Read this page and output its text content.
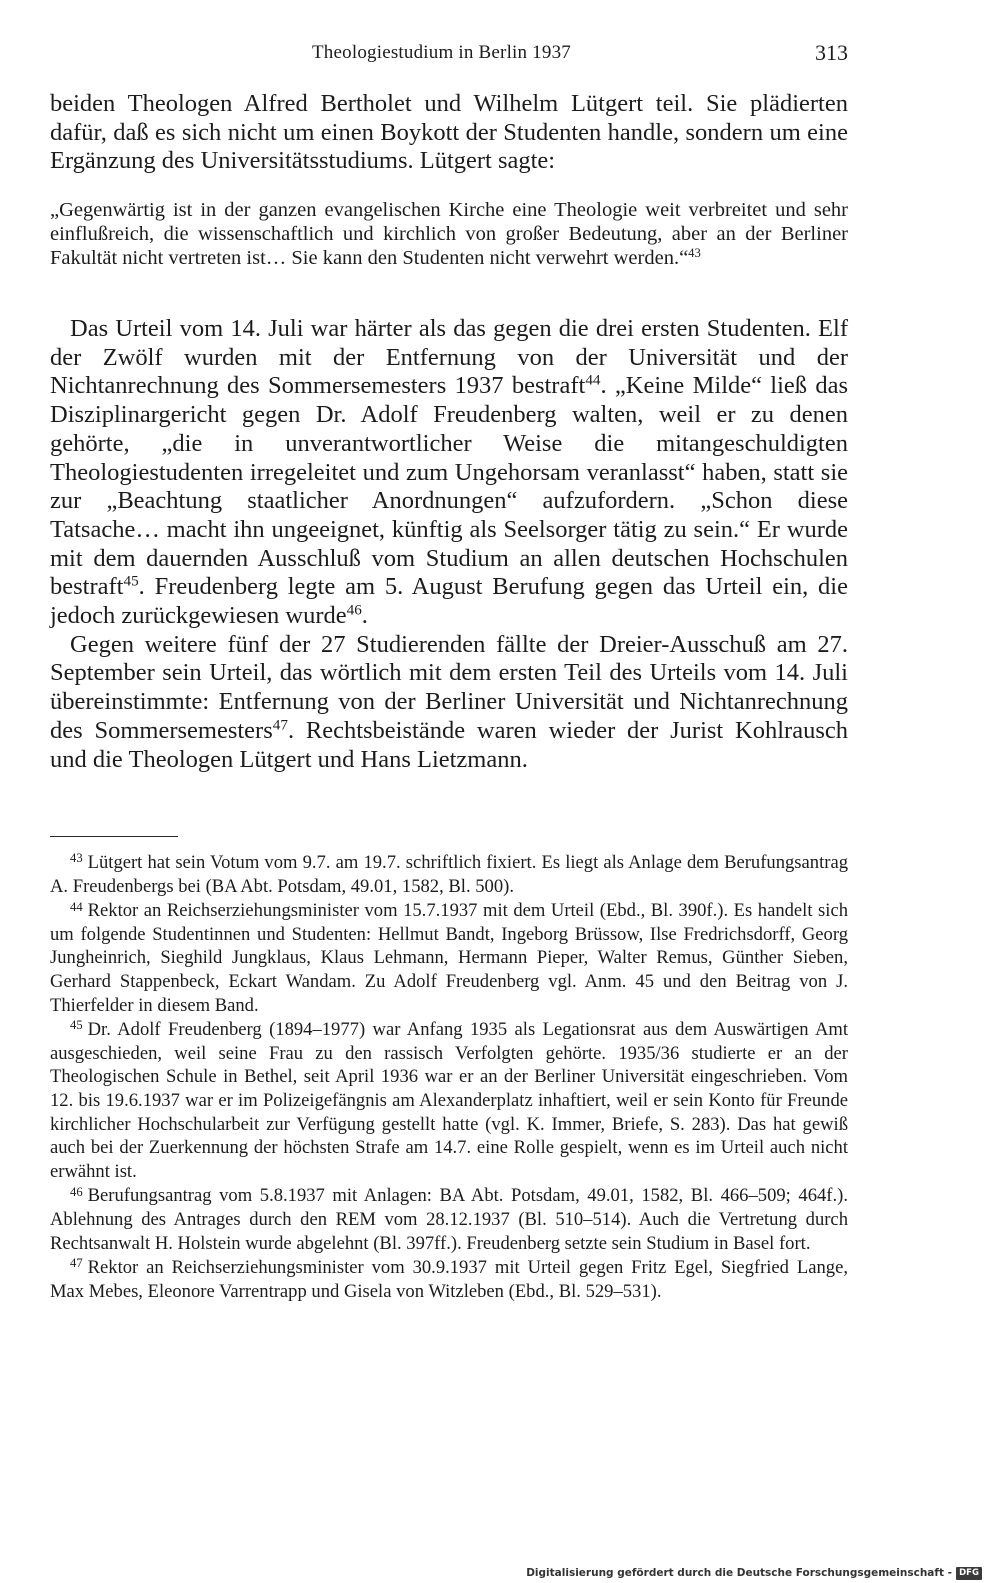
Theologiestudium in Berlin 1937	313

beiden Theologen Alfred Bertholet und Wilhelm Lütgert teil. Sie plädierten dafür, daß es sich nicht um einen Boykott der Studenten handle, sondern um eine Ergänzung des Universitätsstudiums. Lütgert sagte:

„Gegenwärtig ist in der ganzen evangelischen Kirche eine Theologie weit verbreitet und sehr einflußreich, die wissenschaftlich und kirchlich von großer Bedeutung, aber an der Berliner Fakultät nicht vertreten ist… Sie kann den Studenten nicht verwehrt werden.“$^{43}$

Das Urteil vom 14. Juli war härter als das gegen die drei ersten Studenten. Elf der Zwölf wurden mit der Entfernung von der Universität und der Nichtanrechnung des Sommersemesters 1937 bestraft$^{44}$. „Keine Milde“ ließ das Disziplinargericht gegen Dr. Adolf Freudenberg walten, weil er zu denen gehörte, „die in unverantwortlicher Weise die mitangeschuldigten Theologiestudenten irregeleitet und zum Ungehorsam veranlasst“ haben, statt sie zur „Beachtung staatlicher Anordnungen“ aufzufordern. „Schon diese Tatsache… macht ihn ungeeignet, künftig als Seelsorger tätig zu sein.“ Er wurde mit dem dauernden Ausschluß vom Studium an allen deutschen Hochschulen bestraft$^{45}$. Freudenberg legte am 5. August Berufung gegen das Urteil ein, die jedoch zurückgewiesen wurde$^{46}$.

Gegen weitere fünf der 27 Studierenden fällte der Dreier-Ausschuß am 27. September sein Urteil, das wörtlich mit dem ersten Teil des Urteils vom 14. Juli übereinstimmte: Entfernung von der Berliner Universität und Nichtanrechnung des Sommersemesters$^{47}$. Rechtsbeistände waren wieder der Jurist Kohlrausch und die Theologen Lütgert und Hans Lietzmann.

$^{43}$ Lütgert hat sein Votum vom 9.7. am 19.7. schriftlich fixiert. Es liegt als Anlage dem Berufungsantrag A. Freudenbergs bei (BA Abt. Potsdam, 49.01, 1582, Bl. 500).

$^{44}$ Rektor an Reichserziehungsminister vom 15.7.1937 mit dem Urteil (Ebd., Bl. 390f.). Es handelt sich um folgende Studentinnen und Studenten: Hellmut Bandt, Ingeborg Brüssow, Ilse Fredrichsdorff, Georg Jungheinrich, Sieghild Jungklaus, Klaus Lehmann, Hermann Pieper, Walter Remus, Günther Sieben, Gerhard Stappenbeck, Eckart Wandam. Zu Adolf Freudenberg vgl. Anm. 45 und den Beitrag von J. Thierfelder in diesem Band.

$^{45}$ Dr. Adolf Freudenberg (1894–1977) war Anfang 1935 als Legationsrat aus dem Auswärtigen Amt ausgeschieden, weil seine Frau zu den rassisch Verfolgten gehörte. 1935/36 studierte er an der Theologischen Schule in Bethel, seit April 1936 war er an der Berliner Universität eingeschrieben. Vom 12. bis 19.6.1937 war er im Polizeigefängnis am Alexanderplatz inhaftiert, weil er sein Konto für Freunde kirchlicher Hochschularbeit zur Verfügung gestellt hatte (vgl. K. Immer, Briefe, S. 283). Das hat gewiß auch bei der Zuerkennung der höchsten Strafe am 14.7. eine Rolle gespielt, wenn es im Urteil auch nicht erwähnt ist.

$^{46}$ Berufungsantrag vom 5.8.1937 mit Anlagen: BA Abt. Potsdam, 49.01, 1582, Bl. 466–509; 464f.). Ablehnung des Antrages durch den REM vom 28.12.1937 (Bl. 510–514). Auch die Vertretung durch Rechtsanwalt H. Holstein wurde abgelehnt (Bl. 397ff.). Freudenberg setzte sein Studium in Basel fort.

$^{47}$ Rektor an Reichserziehungsminister vom 30.9.1937 mit Urteil gegen Fritz Egel, Siegfried Lange, Max Mebes, Eleonore Varrentrapp und Gisela von Witzleben (Ebd., Bl. 529–531).

Digitalisierung gefördert durch die Deutsche Forschungsgemeinschaft - DFG
